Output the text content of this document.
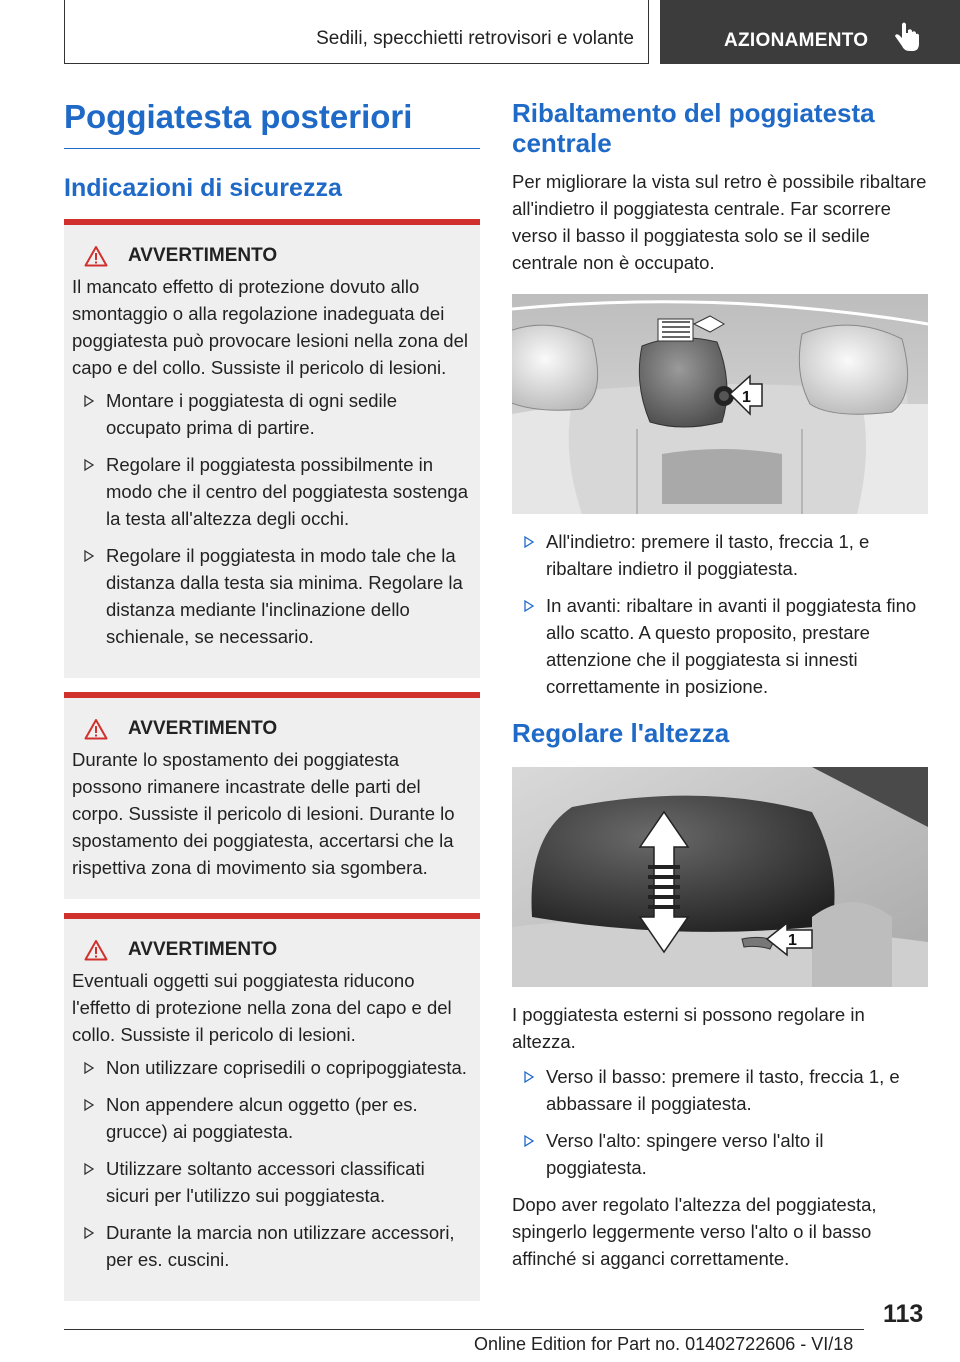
Sedili, specchietti retrovisori e volante	AZIONAMENTO
Poggiatesta posteriori
Indicazioni di sicurezza
AVVERTIMENTO

Il mancato effetto di protezione dovuto allo smontaggio o alla regolazione inadeguata dei poggiatesta può provocare lesioni nella zona del capo e del collo. Sussiste il pericolo di lesioni.

Montare i poggiatesta di ogni sedile occupato prima di partire.
Regolare il poggiatesta possibilmente in modo che il centro del poggiatesta sostenga la testa all'altezza degli occhi.
Regolare il poggiatesta in modo tale che la distanza dalla testa sia minima. Regolare la distanza mediante l'inclinazione dello schienale, se necessario.
AVVERTIMENTO

Durante lo spostamento dei poggiatesta possono rimanere incastrate delle parti del corpo. Sussiste il pericolo di lesioni. Durante lo spostamento dei poggiatesta, accertarsi che la rispettiva zona di movimento sia sgombera.

AVVERTIMENTO

Eventuali oggetti sui poggiatesta riducono l'effetto di protezione nella zona del capo e del collo. Sussiste il pericolo di lesioni.

Non utilizzare coprisedili o copripoggiatesta.
Non appendere alcun oggetto (per es. grucce) ai poggiatesta.
Utilizzare soltanto accessori classificati sicuri per l'utilizzo sui poggiatesta.
Durante la marcia non utilizzare accessori, per es. cuscini.
Ribaltamento del poggiatesta centrale

Per migliorare la vista sul retro è possibile ribaltare all'indietro il poggiatesta centrale. Far scorrere verso il basso il poggiatesta solo se il sedile centrale non è occupato.

1
All'indietro: premere il tasto, freccia 1, e ribaltare indietro il poggiatesta.
In avanti: ribaltare in avanti il poggiatesta fino allo scatto. A questo proposito, prestare attenzione che il poggiatesta si innesti correttamente in posizione.
Regolare l'altezza
1

I poggiatesta esterni si possono regolare in altezza.

Verso il basso: premere il tasto, freccia 1, e abbassare il poggiatesta.
Verso l'alto: spingere verso l'alto il poggiatesta.

Dopo aver regolato l'altezza del poggiatesta, spingerlo leggermente verso l'alto o il basso affinché si agganci correttamente.

113
Online Edition for Part no. 01402722606 - VI/18
